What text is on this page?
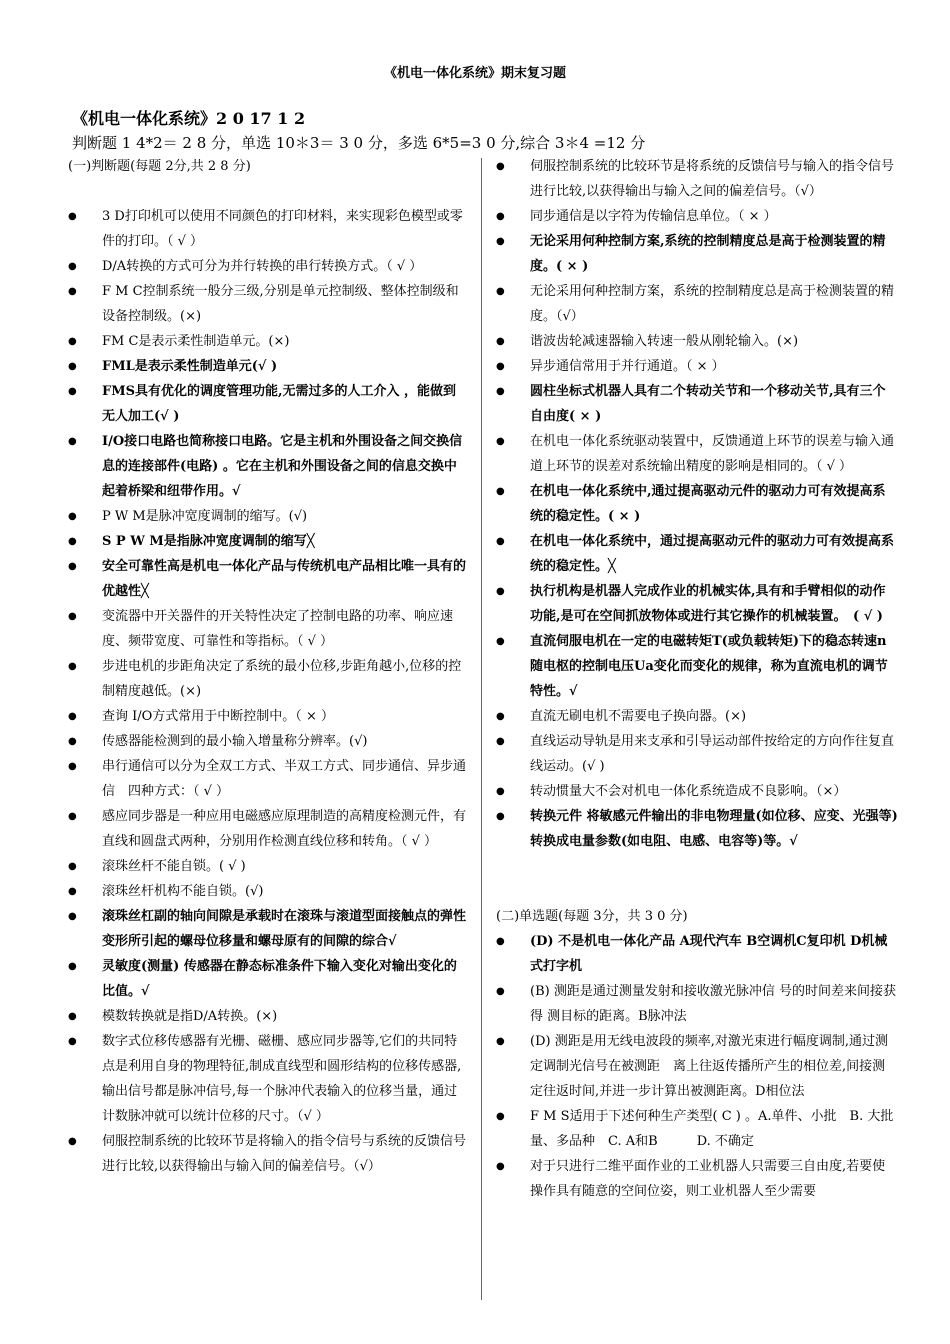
《机电一体化系统》期末复习题
《机电一体化系统》2 0 17 1 2
判断题 1 4*2＝ 2 8 分，单选 10＊3＝ 3 0 分，多选 6*5=3 0 分,综合 3＊4 =12 分
(一)判断题(每题 2分,共 2 8 分)
● 3 D打印机可以使用不同颜色的打印材料，来实现彩色模型或零件的打印。（ √ ）
● D/A转换的方式可分为并行转换的串行转换方式。（ √ ）
● F M C控制系统一般分三级,分别是单元控制级、整体控制级和设备控制级。(×)
● FM C是表示柔性制造单元。(×)
● FML是表示柔性制造单元(√ )
● FMS具有优化的调度管理功能,无需过多的人工介入 ，能做到无人加工(√ )
● I/O接口电路也简称接口电路。它是主机和外围设备之间交换信息的连接部件(电路) 。它在主机和外围设备之间的信息交换中起着桥梁和纽带作用。√
● P W M是脉冲宽度调制的缩写。(√)
● S P W M是指脉冲宽度调制的缩写╳
● 安全可靠性高是机电一体化产品与传统机电产品相比唯一具有的优越性╳
● 变流器中开关器件的开关特性决定了控制电路的功率、响应速度、频带宽度、可靠性和等指标。（ √ ）
● 步进电机的步距角决定了系统的最小位移,步距角越小,位移的控制精度越低。(×)
● 查询 I/O方式常用于中断控制中。（ × ）
● 传感器能检测到的最小输入增量称分辨率。(√)
● 串行通信可以分为全双工方式、半双工方式、同步通信、异步通信　四种方式：（ √ ）
● 感应同步器是一种应用电磁感应原理制造的高精度检测元件，有直线和圆盘式两种，分别用作检测直线位移和转角。（ √ ）
● 滚珠丝杆不能自锁。( √ )
● 滚珠丝杆机构不能自锁。(√)
● 滚珠丝杠副的轴向间隙是承载时在滚珠与滚道型面接触点的弹性变形所引起的螺母位移量和螺母原有的间隙的综合√
● 灵敏度(测量) 传感器在静态标准条件下输入变化对输出变化的比值。√
● 模数转换就是指D/A转换。(×)
● 数字式位移传感器有光栅、磁栅、感应同步器等,它们的共同特点是利用自身的物理特征,制成直线型和圆形结构的位移传感器,输出信号都是脉冲信号,每一个脉冲代表输入的位移当量，通过计数脉冲就可以统计位移的尺寸。（√ ）
● 伺服控制系统的比较环节是将输入的指令信号与系统的反馈信号进行比较,以获得输出与输入间的偏差信号。（√）
● 伺服控制系统的比较环节是将系统的反馈信号与输入的指令信号进行比较,以获得输出与输入之间的偏差信号。（√）
● 同步通信是以字符为传输信息单位。（ × ）
● 无论采用何种控制方案,系统的控制精度总是高于检测装置的精度。( × )
● 无论采用何种控制方案，系统的控制精度总是高于检测装置的精度。（√）
● 谐波齿轮减速器输入转速一般从刚轮输入。(×)
● 异步通信常用于并行通道。（ × ）
● 圆柱坐标式机器人具有二个转动关节和一个移动关节,具有三个自由度( × )
● 在机电一体化系统驱动装置中，反馈通道上环节的误差与输入通道上环节的误差对系统输出精度的影响是相同的。（ √ ）
● 在机电一体化系统中,通过提高驱动元件的驱动力可有效提高系统的稳定性。( × )
● 在机电一体化系统中，通过提高驱动元件的驱动力可有效提高系统的稳定性。╳
● 执行机构是机器人完成作业的机械实体,具有和手臂相似的动作功能,是可在空间抓放物体或进行其它操作的机械装置。　( √ )
● 直流伺服电机在一定的电磁转矩T(或负载转矩)下的稳态转速n随电枢的控制电压Ua变化而变化的规律，称为直流电机的调节特性。√
● 直流无刷电机不需要电子换向器。(×)
● 直线运动导轨是用来支承和引导运动部件按给定的方向作往复直线运动。(√ )
● 转动惯量大不会对机电一体化系统造成不良影响。（×）
● 转换元件 将敏感元件输出的非电物理量(如位移、应变、光强等)转换成电量参数(如电阻、电感、电容等)等。√
(二)单选题(每题 3分，共 3 0 分)
● (D) 不是机电一体化产品 A现代汽车 B空调机C复印机 D机械式打字机
● (B) 测距是通过测量发射和接收激光脉冲信 号的时间差来间接获得 测目标的距离。B脉冲法
● (D) 测距是用无线电波段的频率,对激光束进行幅度调制,通过测定调制光信号在被测距　离上往返传播所产生的相位差,间接测定往返时间,并进一步计算出被测距离。D相位法
● F M S适用于下述何种生产类型( C ) 。A.单件、小批　B. 大批量、多品种　C. A和B　　　D. 不确定
● 对于只进行二维平面作业的工业机器人只需要三自由度,若要使操作具有随意的空间位姿，则工业机器人至少需要
